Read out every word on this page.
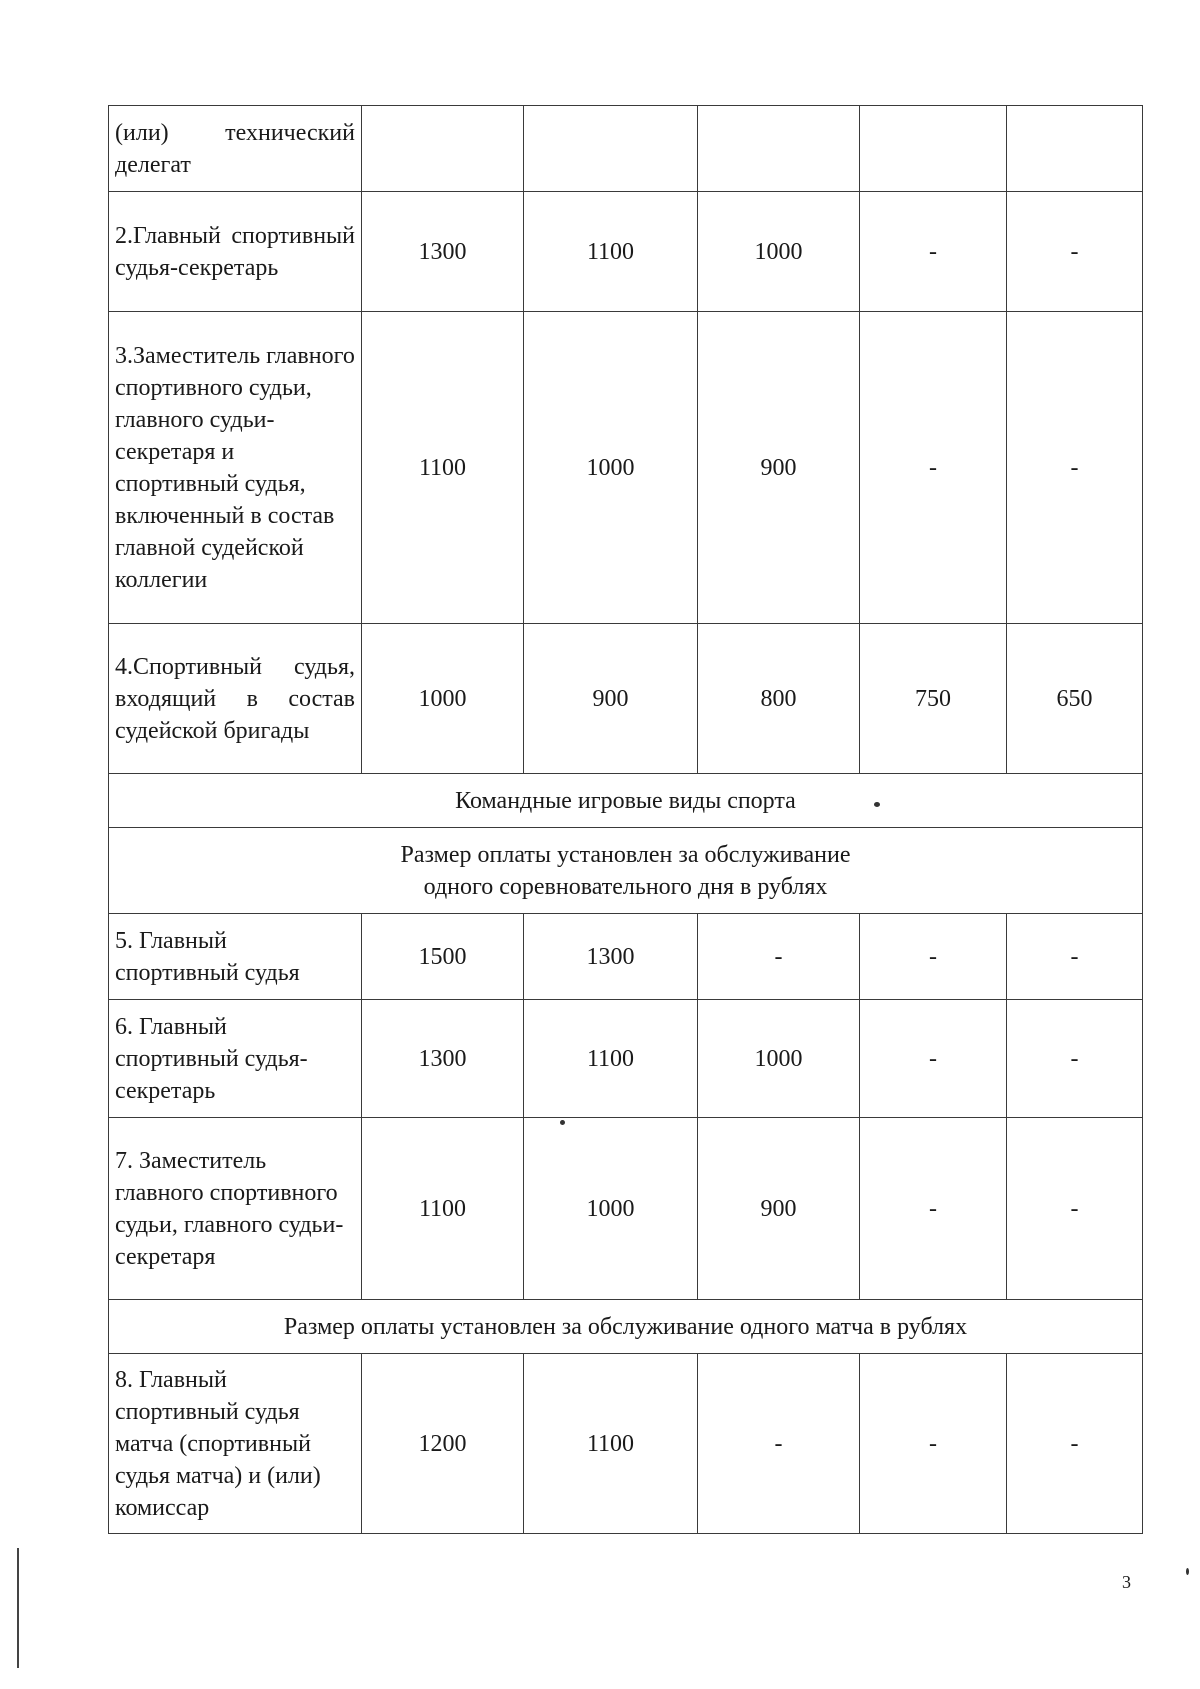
(или) технический делегат					
2.Главный спортивный судья-секретарь	1300	1100	1000	-	-
3.Заместитель главного спортивного судьи, главного судьи-секретаря и спортивный судья, включенный в состав главной судейской коллегии	1100	1000	900	-	-
4.Спортивный судья, входящий в состав судейской бригады	1000	900	800	750	650
Командные игровые виды спорта					

Размер оплаты установлен за обслуживание
одного соревновательного дня в рублях					

5. Главный спортивный судья	1500	1300	-	-	-
6. Главный спортивный судья-секретарь	1300	1100	1000	-	-
7. Заместитель главного спортивного судьи, главного судьи-секретаря	1100	1000	900	-	-
Размер оплаты установлен за обслуживание одного матча в рублях					
8. Главный спортивный судья матча (спортивный судья матча) и (или) комиссар	1200	1100	-	-	-
3
